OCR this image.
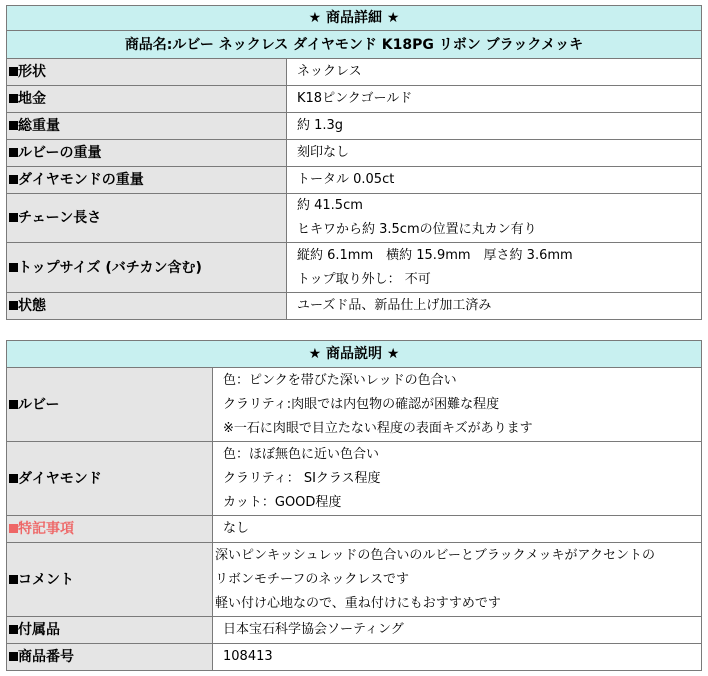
★ 商品詳細 ★	
商品名:ルビー ネックレス ダイヤモンド K18PG リボン ブラックメッキ	
形状	ネックレス

地金	K18ピンクゴールド

総重量	約 1.3g

ルビーの重量	刻印なし

ダイヤモンドの重量	トータル 0.05ct

チェーン長さ	約 41.5cm
ヒキワから約 3.5cmの位置に丸カン有り

トップサイズ (バチカン含む)	縦約 6.1mm　横約 15.9mm　厚さ約 3.6mm
トップ取り外し： 不可

状態	ユーズド品、新品仕上げ加工済み
★ 商品説明 ★	
ルビー	色：ピンクを帯びた深いレッドの色合い
クラリティ:肉眼では内包物の確認が困難な程度
※一石に肉眼で目立たない程度の表面キズがあります

ダイヤモンド	色：ほぼ無色に近い色合い
クラリティ： SIクラス程度
カット：GOOD程度

特記事項	なし

コメント	深いピンキッシュレッドの色合いのルビーとブラックメッキがアクセントの
リボンモチーフのネックレスです
軽い付け心地なので、重ね付けにもおすすめです

付属品	日本宝石科学協会ソーティング

商品番号	108413
